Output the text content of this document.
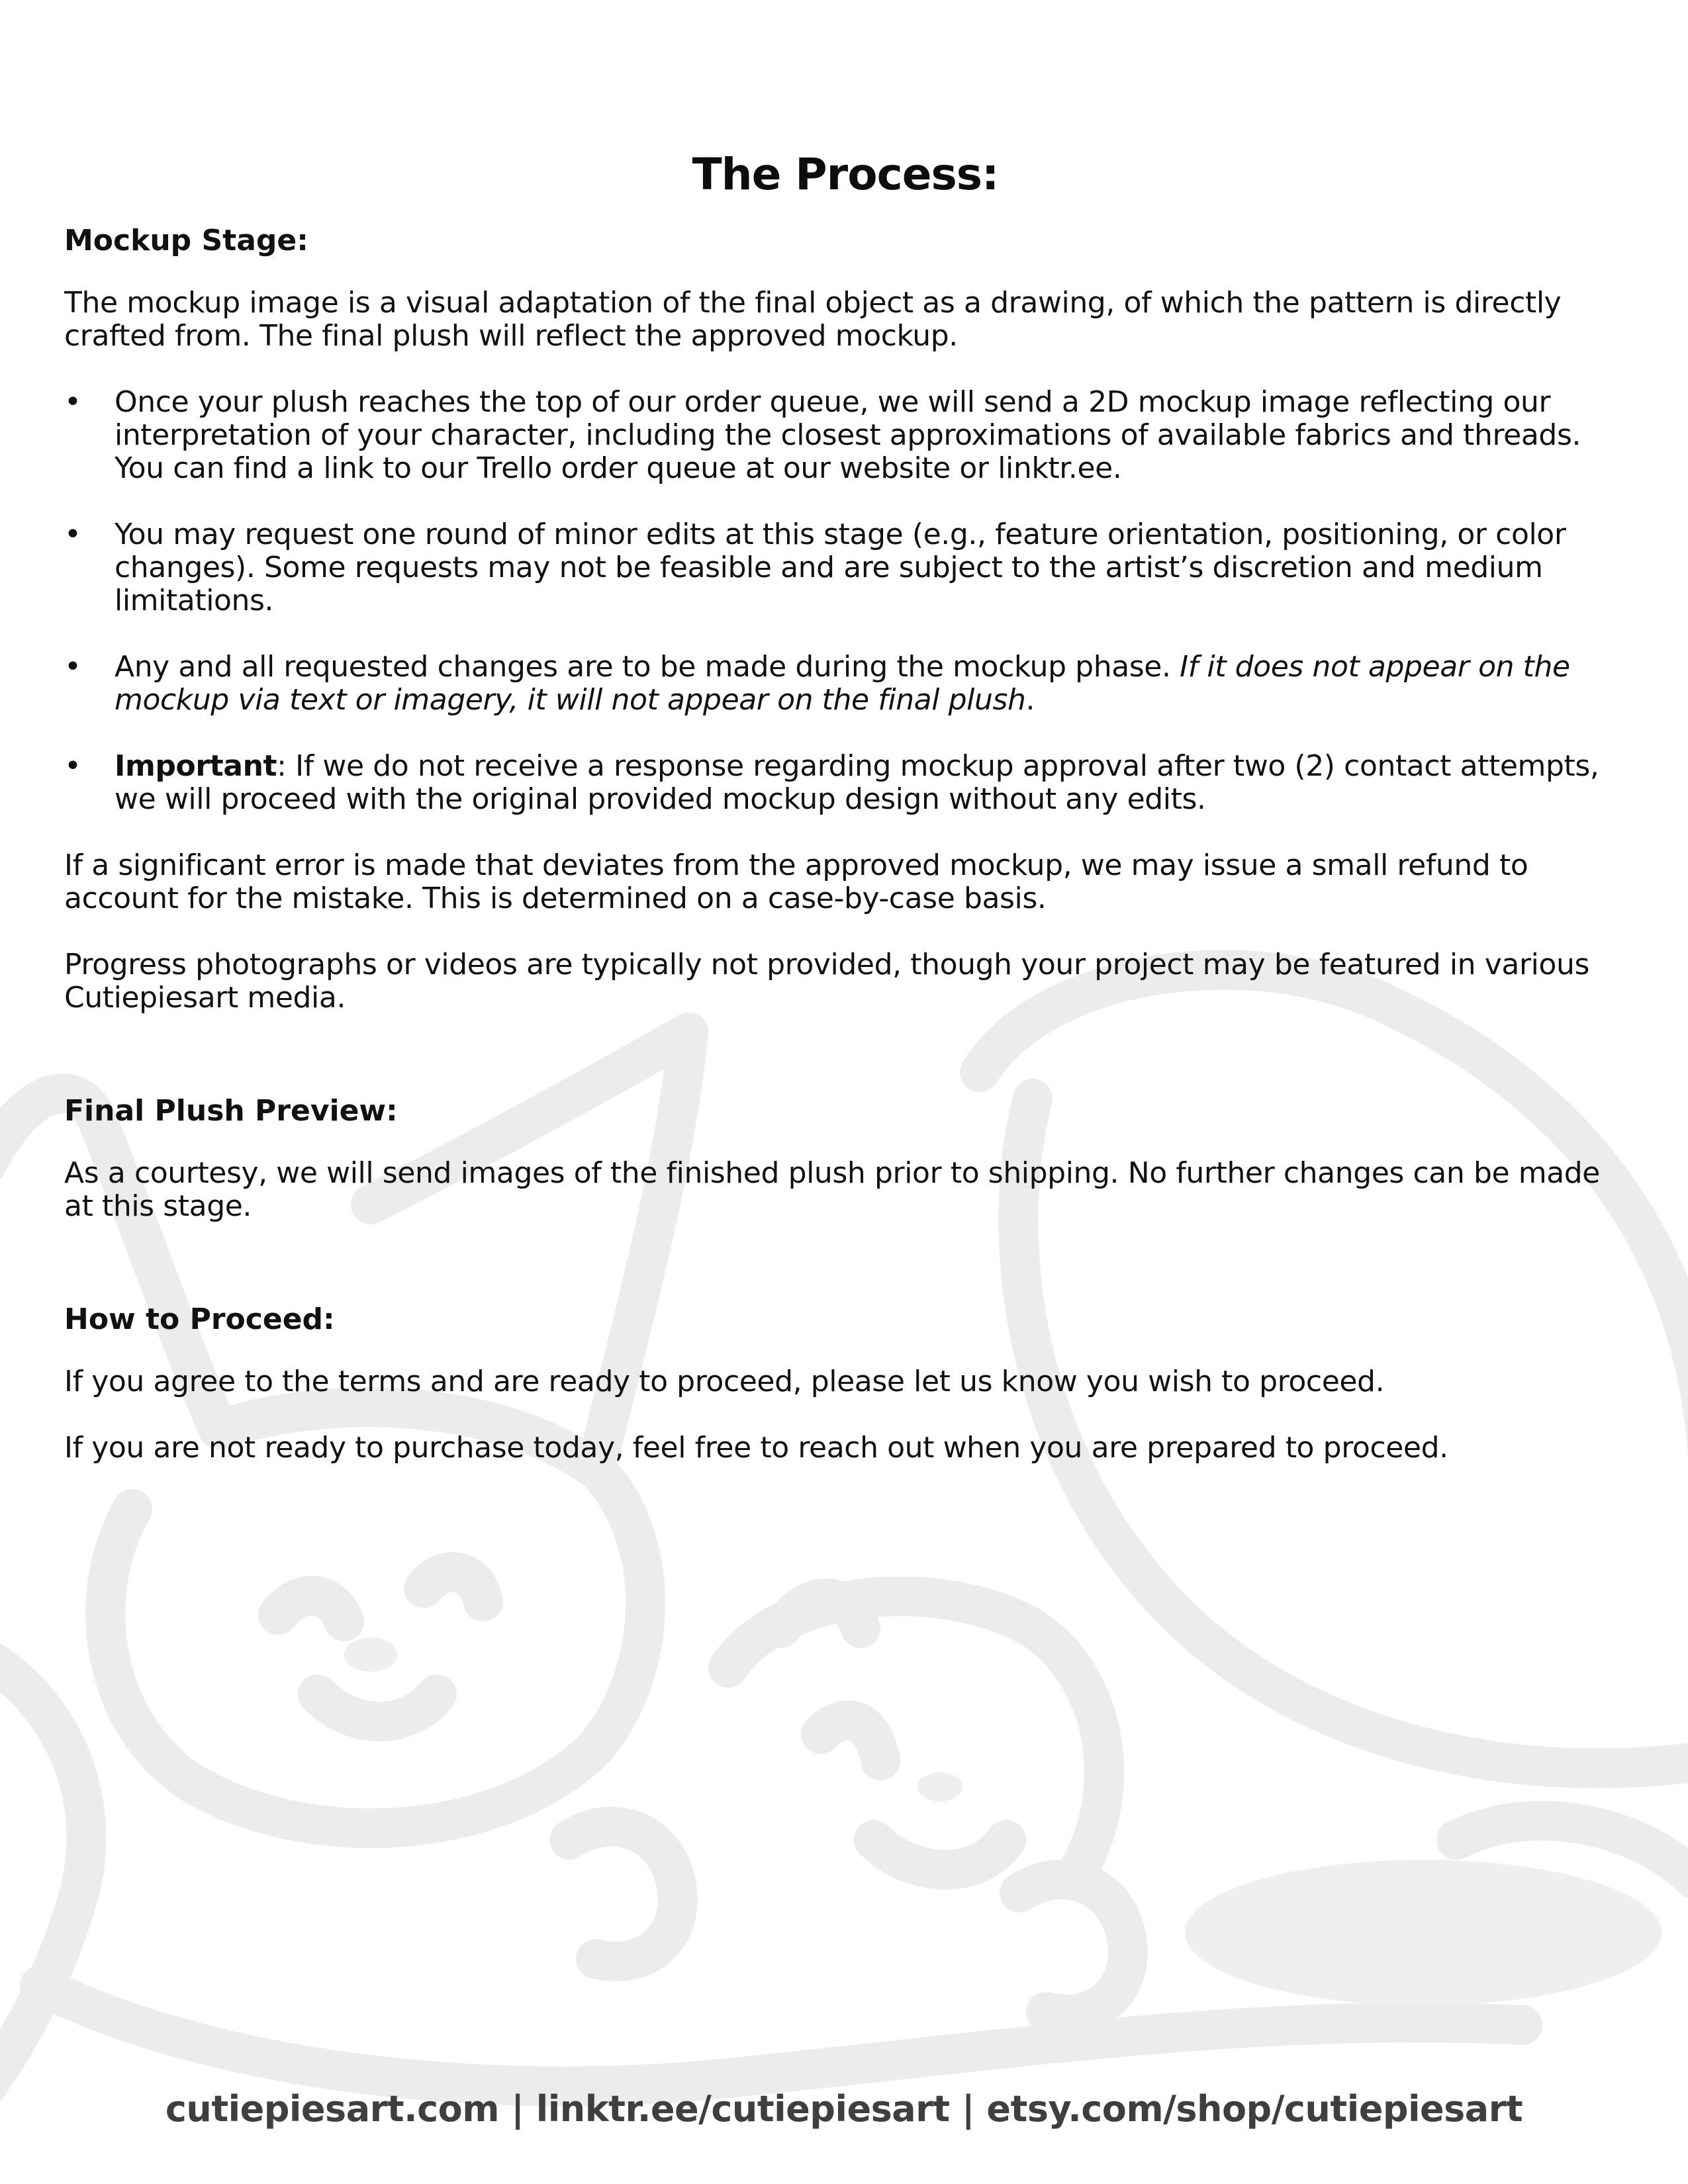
The Process:
Mockup Stage:

The mockup image is a visual adaptation of the final object as a drawing, of which the pattern is directly crafted from. The final plush will reflect the approved mockup.

• Once your plush reaches the top of our order queue, we will send a 2D mockup image reflecting our interpretation of your character, including the closest approximations of available fabrics and threads. You can find a link to our Trello order queue at our website or linktr.ee.
• You may request one round of minor edits at this stage (e.g., feature orientation, positioning, or color changes). Some requests may not be feasible and are subject to the artist’s discretion and medium limitations.
• Any and all requested changes are to be made during the mockup phase. If it does not appear on the mockup via text or imagery, it will not appear on the final plush.
• Important: If we do not receive a response regarding mockup approval after two (2) contact attempts, we will proceed with the original provided mockup design without any edits.

If a significant error is made that deviates from the approved mockup, we may issue a small refund to account for the mistake. This is determined on a case-by-case basis.

Progress photographs or videos are typically not provided, though your project may be featured in various Cutiepiesart media.

Final Plush Preview:

As a courtesy, we will send images of the finished plush prior to shipping. No further changes can be made at this stage.

How to Proceed:

If you agree to the terms and are ready to proceed, please let us know you wish to proceed.

If you are not ready to purchase today, feel free to reach out when you are prepared to proceed.

cutiepiesart.com | linktr.ee/cutiepiesart | etsy.com/shop/cutiepiesart
